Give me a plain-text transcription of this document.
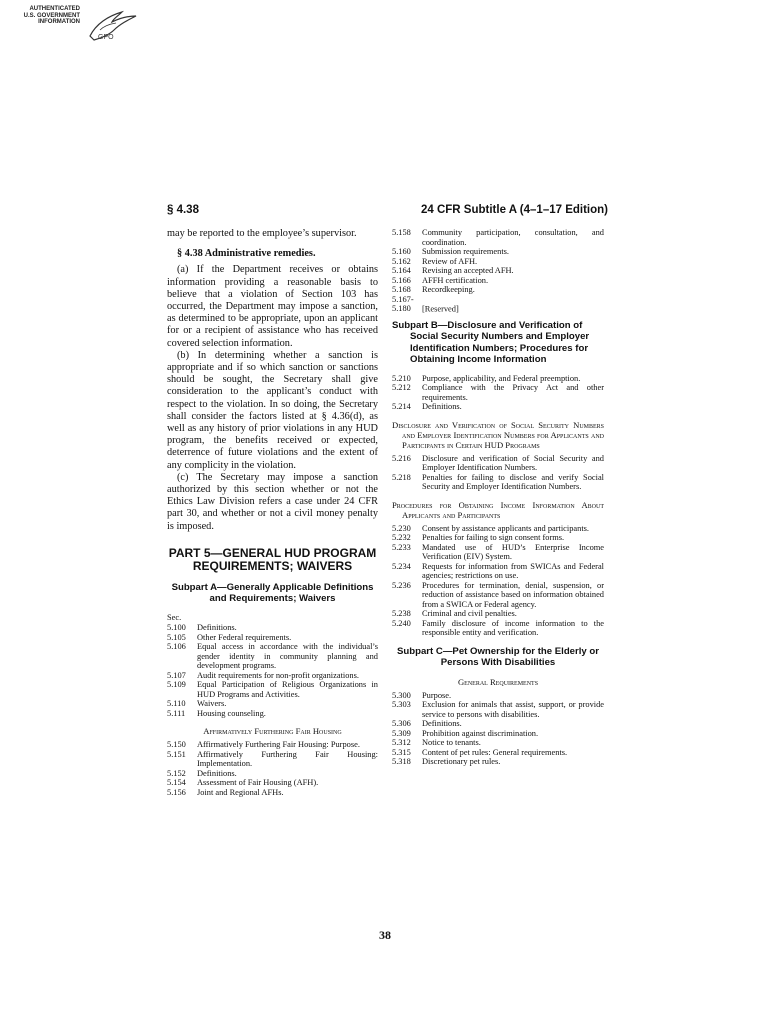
AUTHENTICATED
U.S. GOVERNMENT
INFORMATION
GPO
§ 4.38	24 CFR Subtitle A (4–1–17 Edition)

may be reported to the employee’s supervisor.

§ 4.38 Administrative remedies.

(a) If the Department receives or obtains information providing a reasonable basis to believe that a violation of Section 103 has occurred, the Department may impose a sanction, as determined to be appropriate, upon an applicant for or a recipient of assistance who has received covered selection information.

(b) In determining whether a sanction is appropriate and if so which sanction or sanctions should be sought, the Secretary shall give consideration to the applicant’s conduct with respect to the violation. In so doing, the Secretary shall consider the factors listed at § 4.36(d), as well as any history of prior violations in any HUD program, the benefits received or expected, deterrence of future violations and the extent of any complicity in the violation.

(c) The Secretary may impose a sanction authorized by this section whether or not the Ethics Law Division refers a case under 24 CFR part 30, and whether or not a civil money penalty is imposed.

PART 5—GENERAL HUD PROGRAM REQUIREMENTS; WAIVERS
Subpart A—Generally Applicable Definitions and Requirements; Waivers
Sec.
5.100 Definitions.
5.105 Other Federal requirements.
5.106 Equal access in accordance with the individual’s gender identity in community planning and development programs.
5.107 Audit requirements for non-profit organizations.
5.109 Equal Participation of Religious Organizations in HUD Programs and Activities.
5.110 Waivers.
5.111 Housing counseling.
Affirmatively Furthering Fair Housing
5.150 Affirmatively Furthering Fair Housing: Purpose.
5.151 Affirmatively Furthering Fair Housing: Implementation.
5.152 Definitions.
5.154 Assessment of Fair Housing (AFH).
5.156 Joint and Regional AFHs.
5.158 Community participation, consultation, and coordination.
5.160 Submission requirements.
5.162 Review of AFH.
5.164 Revising an accepted AFH.
5.166 AFFH certification.
5.168 Recordkeeping.
5.167-5.180 [Reserved]
Subpart B—Disclosure and Verification of Social Security Numbers and Employer Identification Numbers; Procedures for Obtaining Income Information
5.210 Purpose, applicability, and Federal preemption.
5.212 Compliance with the Privacy Act and other requirements.
5.214 Definitions.
Disclosure and Verification of Social Security Numbers and Employer Identification Numbers for Applicants and Participants in Certain HUD Programs
5.216 Disclosure and verification of Social Security and Employer Identification Numbers.
5.218 Penalties for failing to disclose and verify Social Security and Employer Identification Numbers.
Procedures for Obtaining Income Information About Applicants and Participants
5.230 Consent by assistance applicants and participants.
5.232 Penalties for failing to sign consent forms.
5.233 Mandated use of HUD’s Enterprise Income Verification (EIV) System.
5.234 Requests for information from SWICAs and Federal agencies; restrictions on use.
5.236 Procedures for termination, denial, suspension, or reduction of assistance based on information obtained from a SWICA or Federal agency.
5.238 Criminal and civil penalties.
5.240 Family disclosure of income information to the responsible entity and verification.
Subpart C—Pet Ownership for the Elderly or Persons With Disabilities
General Requirements
5.300 Purpose.
5.303 Exclusion for animals that assist, support, or provide service to persons with disabilities.
5.306 Definitions.
5.309 Prohibition against discrimination.
5.312 Notice to tenants.
5.315 Content of pet rules: General requirements.
5.318 Discretionary pet rules.
38
